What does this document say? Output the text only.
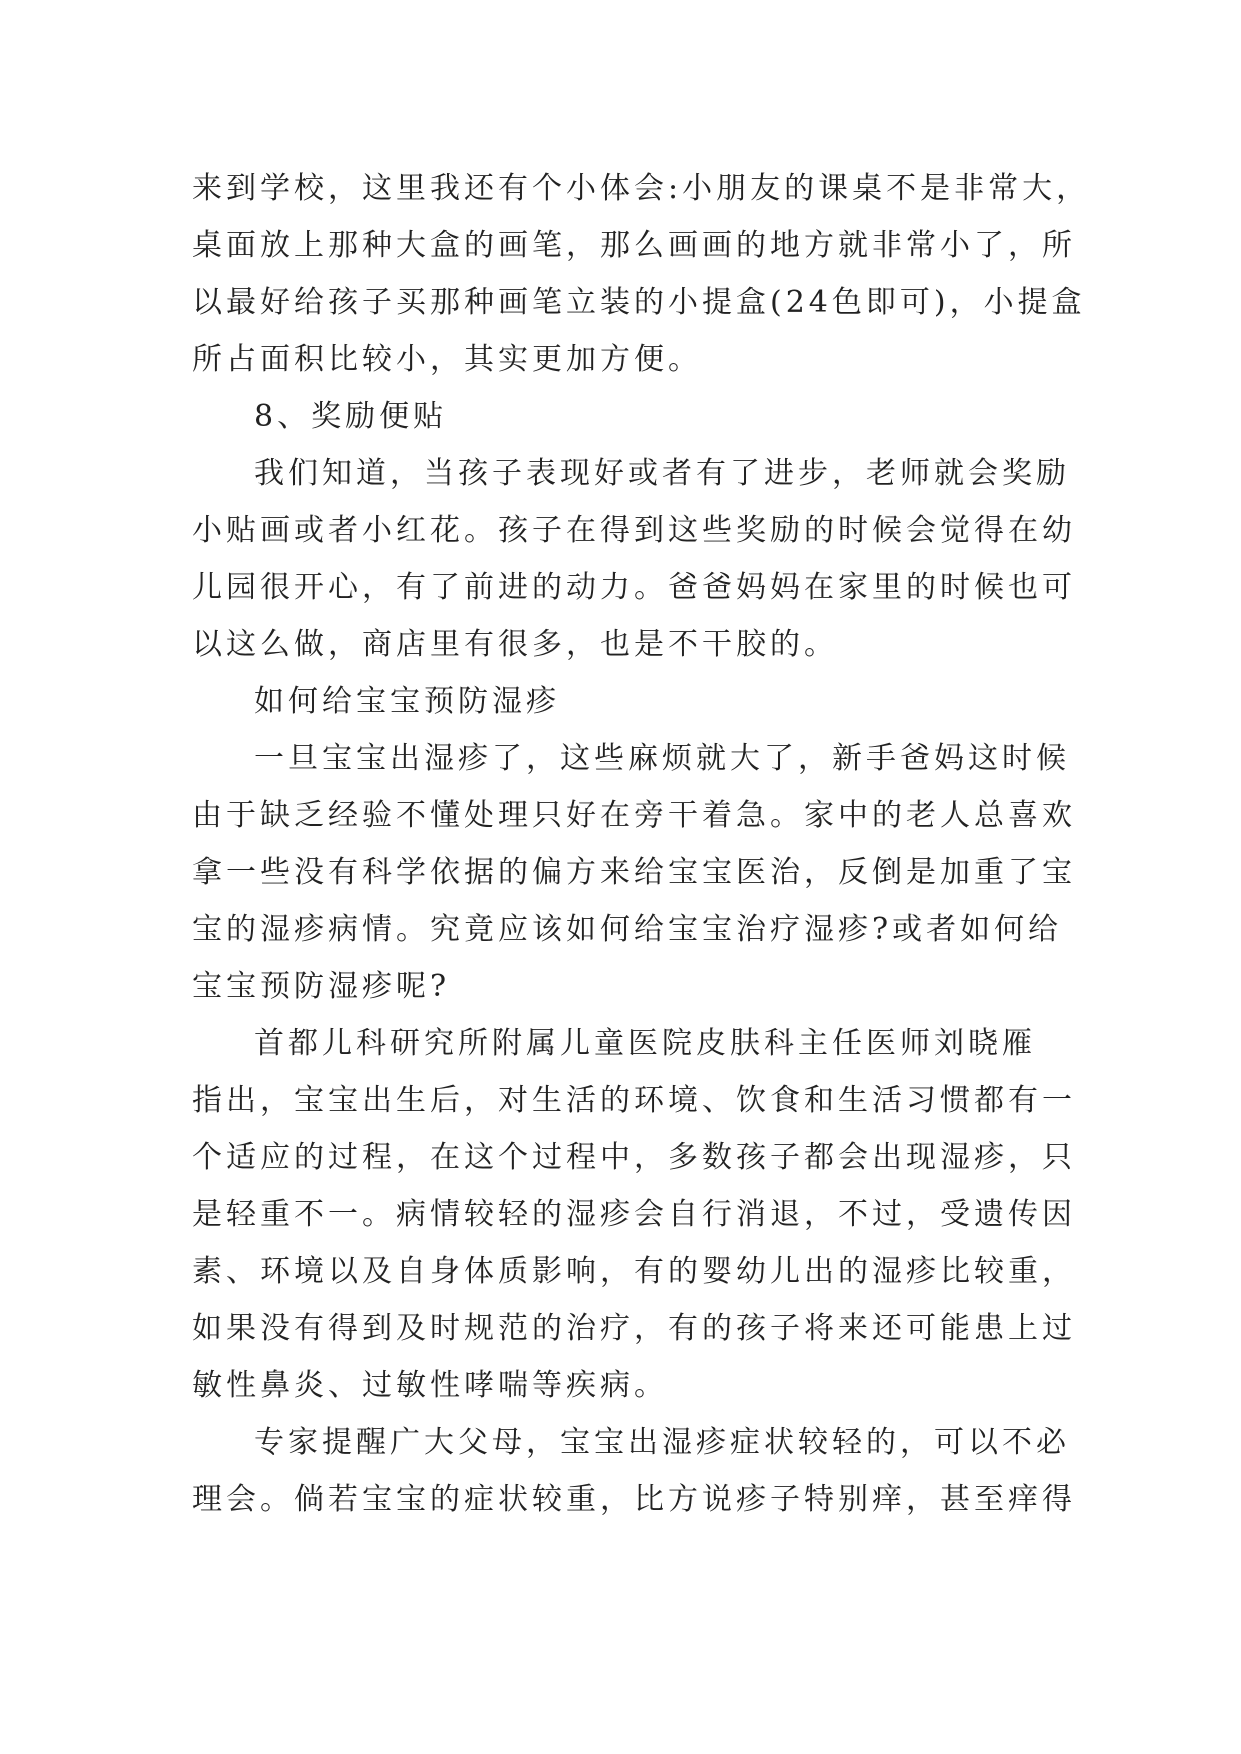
来到学校，这里我还有个小体会:小朋友的课桌不是非常大，
桌面放上那种大盒的画笔，那么画画的地方就非常小了，所
以最好给孩子买那种画笔立装的小提盒(24色即可)，小提盒
所占面积比较小，其实更加方便。
8、奖励便贴
我们知道，当孩子表现好或者有了进步，老师就会奖励
小贴画或者小红花。孩子在得到这些奖励的时候会觉得在幼
儿园很开心，有了前进的动力。爸爸妈妈在家里的时候也可
以这么做，商店里有很多，也是不干胶的。
如何给宝宝预防湿疹
一旦宝宝出湿疹了，这些麻烦就大了，新手爸妈这时候
由于缺乏经验不懂处理只好在旁干着急。家中的老人总喜欢
拿一些没有科学依据的偏方来给宝宝医治，反倒是加重了宝
宝的湿疹病情。究竟应该如何给宝宝治疗湿疹?或者如何给
宝宝预防湿疹呢?
首都儿科研究所附属儿童医院皮肤科主任医师刘晓雁
指出，宝宝出生后，对生活的环境、饮食和生活习惯都有一
个适应的过程，在这个过程中，多数孩子都会出现湿疹，只
是轻重不一。病情较轻的湿疹会自行消退，不过，受遗传因
素、环境以及自身体质影响，有的婴幼儿出的湿疹比较重，
如果没有得到及时规范的治疗，有的孩子将来还可能患上过
敏性鼻炎、过敏性哮喘等疾病。
专家提醒广大父母，宝宝出湿疹症状较轻的，可以不必
理会。倘若宝宝的症状较重，比方说疹子特别痒，甚至痒得
